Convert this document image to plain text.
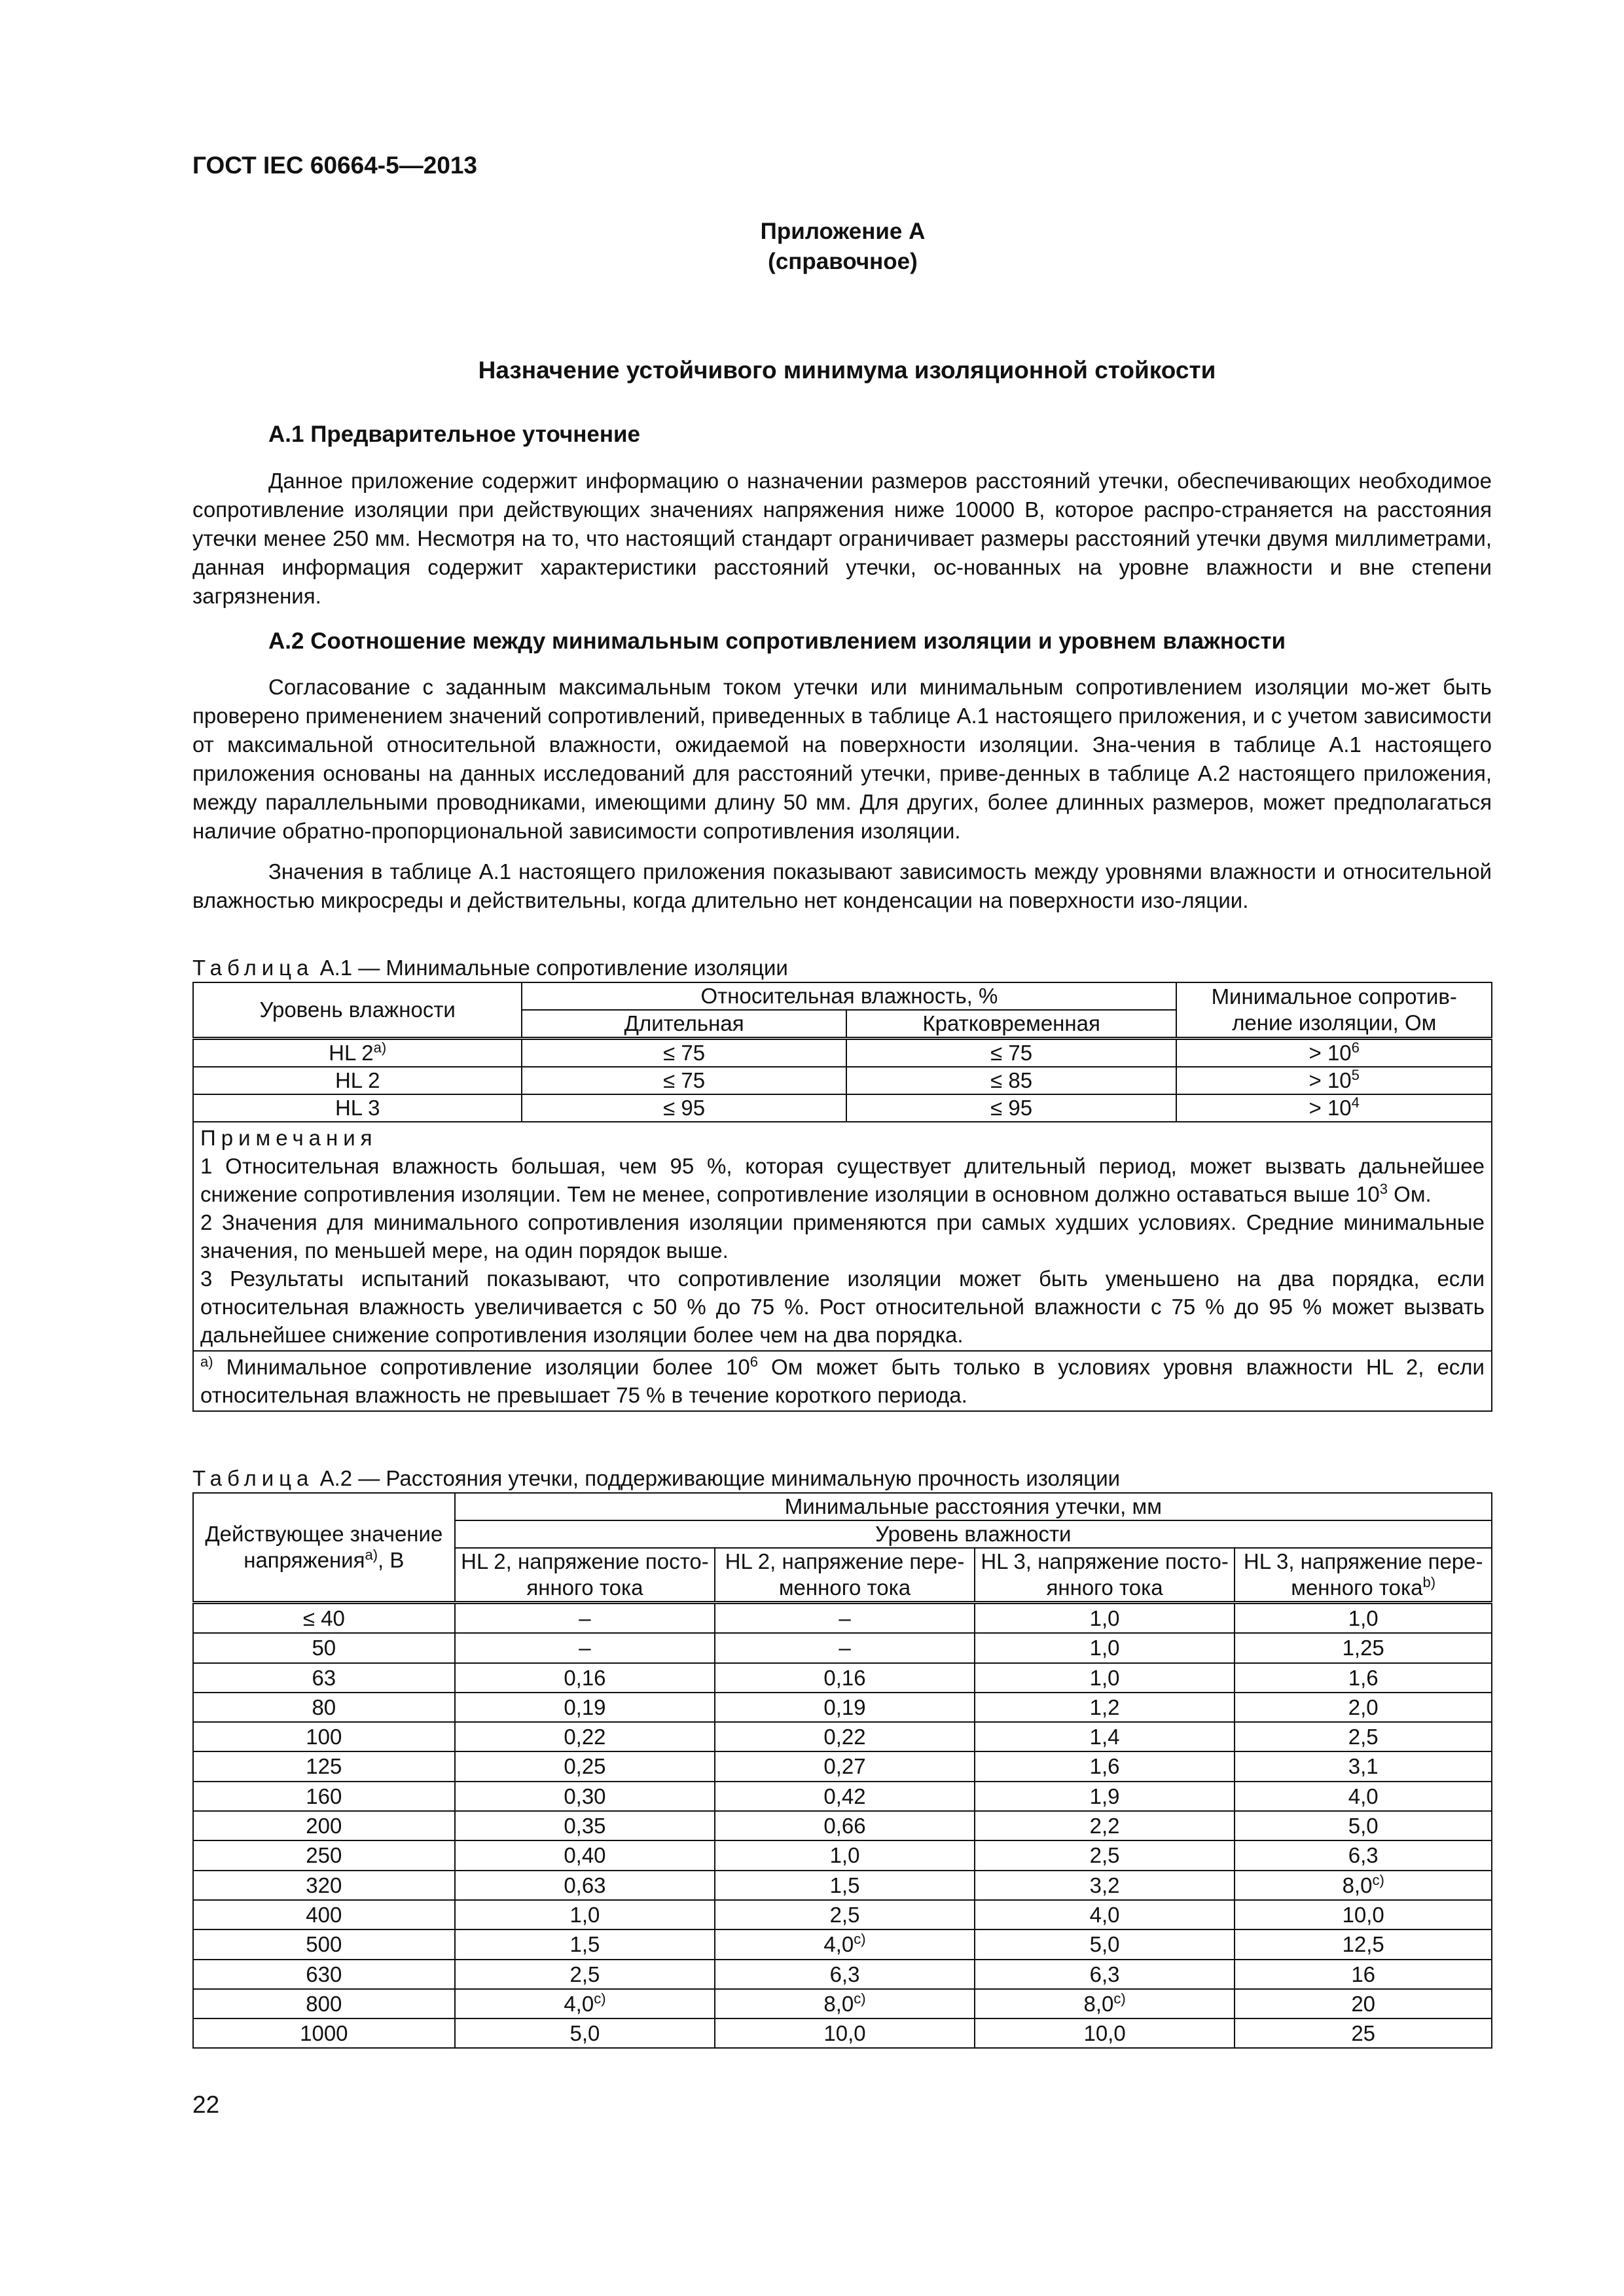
ГОСТ IEC 60664-5—2013
Приложение А
(справочное)
Назначение устойчивого минимума изоляционной стойкости
А.1 Предварительное уточнение

Данное приложение содержит информацию о назначении размеров расстояний утечки, обеспечивающих необходимое сопротивление изоляции при действующих значениях напряжения ниже 10000 В, которое распро-страняется на расстояния утечки менее 250 мм. Несмотря на то, что настоящий стандарт ограничивает размеры расстояний утечки двумя миллиметрами, данная информация содержит характеристики расстояний утечки, ос-нованных на уровне влажности и вне степени загрязнения.

А.2 Соотношение между минимальным сопротивлением изоляции и уровнем влажности

Согласование с заданным максимальным током утечки или минимальным сопротивлением изоляции мо-жет быть проверено применением значений сопротивлений, приведенных в таблице А.1 настоящего приложения, и с учетом зависимости от максимальной относительной влажности, ожидаемой на поверхности изоляции. Зна-чения в таблице А.1 настоящего приложения основаны на данных исследований для расстояний утечки, приве-денных в таблице А.2 настоящего приложения, между параллельными проводниками, имеющими длину 50 мм. Для других, более длинных размеров, может предполагаться наличие обратно-пропорциональной зависимости сопротивления изоляции.

Значения в таблице А.1 настоящего приложения показывают зависимость между уровнями влажности и относительной влажностью микросреды и действительны, когда длительно нет конденсации на поверхности изо-ляции.

Таблица А.1 — Минимальные сопротивление изоляции
Уровень влажности	Относительная влажность, %		Минимальное сопротив-ление изоляции, Ом
	Длительная	Кратковременная	
HL $2^{а)}$	≤ 75	≤ 75	> $10^6$
HL 2	≤ 75	≤ 85	> $10^5$
HL 3	≤ 95	≤ 95	> $10^4$

Примечания

1 Относительная влажность большая, чем 95 %, которая существует длительный период, может вызвать дальнейшее снижение сопротивления изоляции. Тем не менее, сопротивление изоляции в основном должно оставаться выше $10^3$ Ом.

2 Значения для минимального сопротивления изоляции применяются при самых худших условиях. Средние минимальные значения, по меньшей мере, на один порядок выше.

3 Результаты испытаний показывают, что сопротивление изоляции может быть уменьшено на два порядка, если относительная влажность увеличивается с 50 % до 75 %. Рост относительной влажности с 75 % до 95 % может вызвать дальнейшее снижение сопротивления изоляции более чем на два порядка.			

$^{а)}$ Минимальное сопротивление изоляции более $10^6$ Ом может быть только в условиях уровня влажности HL 2, если относительная влажность не превышает 75 % в течение короткого периода.			

Таблица А.2 — Расстояния утечки, поддерживающие минимальную прочность изоляции
Действующее значение напряжения$^{а)}$, В	Минимальные расстояния утечки, мм			
	Уровень влажности			
	HL 2, напряжение посто-янного тока	HL 2, напряжение пере-менного тока	HL 3, напряжение посто-янного тока	HL 3, напряжение пере-менного тока$^{b)}$
≤ 40	–	–	1,0	1,0
50	–	–	1,0	1,25
63	0,16	0,16	1,0	1,6
80	0,19	0,19	1,2	2,0
100	0,22	0,22	1,4	2,5
125	0,25	0,27	1,6	3,1
160	0,30	0,42	1,9	4,0
200	0,35	0,66	2,2	5,0
250	0,40	1,0	2,5	6,3
320	0,63	1,5	3,2	8,0$^{c)}$
400	1,0	2,5	4,0	10,0
500	1,5	4,0$^{c)}$	5,0	12,5
630	2,5	6,3	6,3	16
800	4,0$^{c)}$	8,0$^{c)}$	8,0$^{c)}$	20
1000	5,0	10,0	10,0	25
22
